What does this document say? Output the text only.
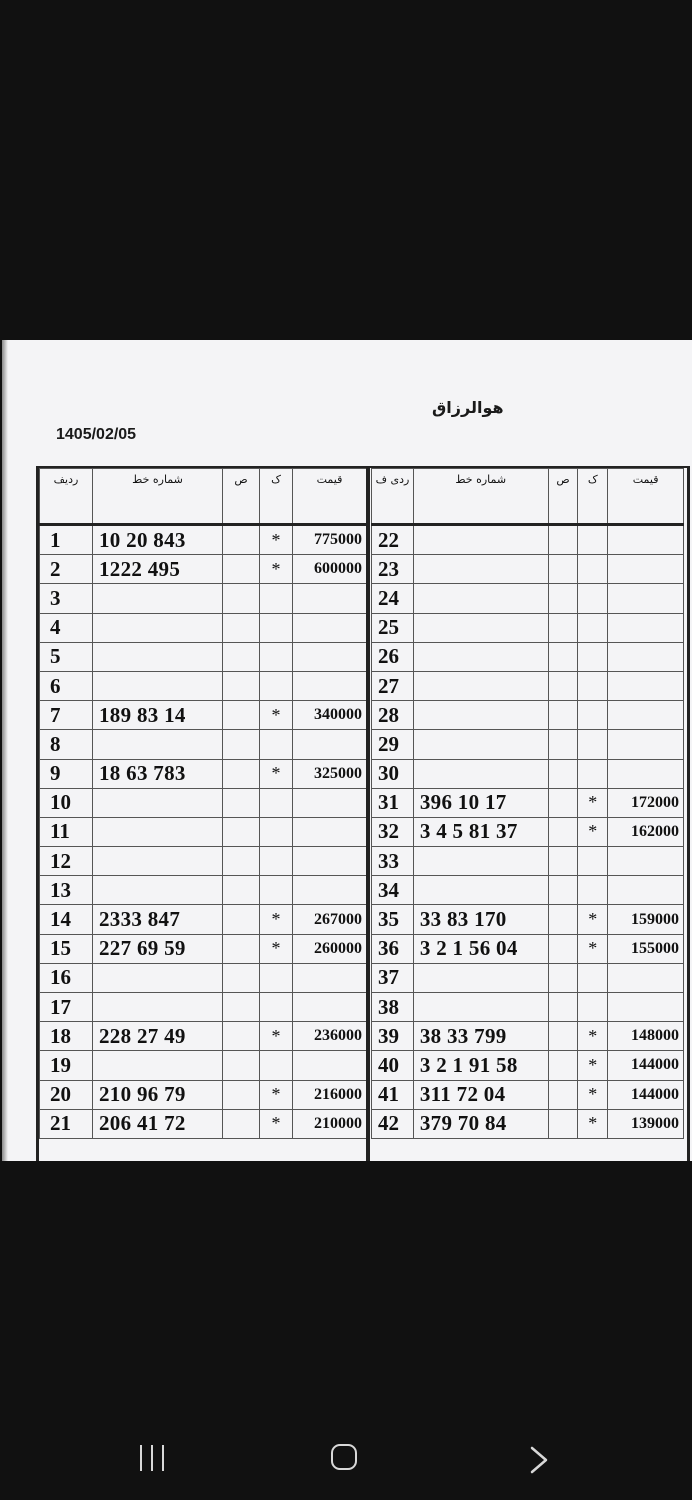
هوالرزاق
1405/02/05
ردیف	شماره خط	ص	ک	قیمت
1	10 20 843		*	775000
2	1222 495		*	600000
3				
4				
5				
6				
7	189 83 14		*	340000
8				
9	18 63 783		*	325000
10				
11				
12				
13				
14	2333 847		*	267000
15	227 69 59		*	260000
16				
17				
18	228 27 49		*	236000
19				
20	210 96 79		*	216000
21	206 41 72		*	210000
ردی ف	شماره خط	ص	ک	قیمت
22				
23				
24				
25				
26				
27				
28				
29				
30				
31	396 10 17		*	172000
32	3 4 5 81 37		*	162000
33				
34				
35	33 83 170		*	159000
36	3 2 1 56 04		*	155000
37				
38				
39	38 33 799		*	148000
40	3 2 1 91 58		*	144000
41	311 72 04		*	144000
42	379 70 84		*	139000
